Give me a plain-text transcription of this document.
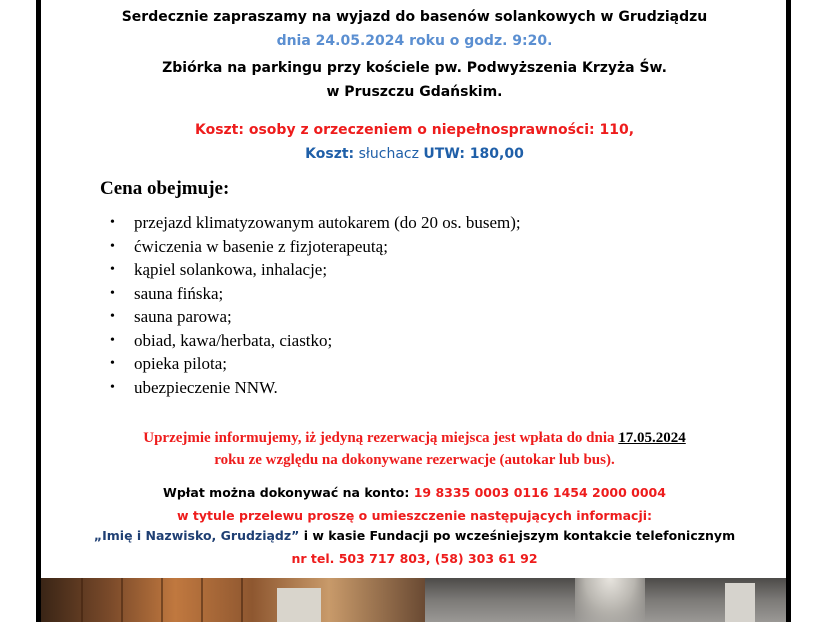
Serdecznie zapraszamy na wyjazd do basenów solankowych w Grudziądzu
dnia 24.05.2024 roku o godz. 9:20.
Zbiórka na parkingu przy kościele pw. Podwyższenia Krzyża Św.
w Pruszczu Gdańskim.
Koszt: osoby z orzeczeniem o niepełnosprawności: 110,
Koszt: słuchacz UTW: 180,00
Cena obejmuje:
• przejazd klimatyzowanym autokarem (do 20 os. busem);
• ćwiczenia w basenie z fizjoterapeutą;
• kąpiel solankowa, inhalacje;
• sauna fińska;
• sauna parowa;
• obiad, kawa/herbata, ciastko;
• opieka pilota;
• ubezpieczenie NNW.
Uprzejmie informujemy, iż jedyną rezerwacją miejsca jest wpłata do dnia 17.05.2024
roku ze względu na dokonywane rezerwacje (autokar lub bus).
Wpłat można dokonywać na konto: 19 8335 0003 0116 1454 2000 0004
w tytule przelewu proszę o umieszczenie następujących informacji:
„Imię i Nazwisko, Grudziądz” i w kasie Fundacji po wcześniejszym kontakcie telefonicznym
nr tel. 503 717 803, (58) 303 61 92
